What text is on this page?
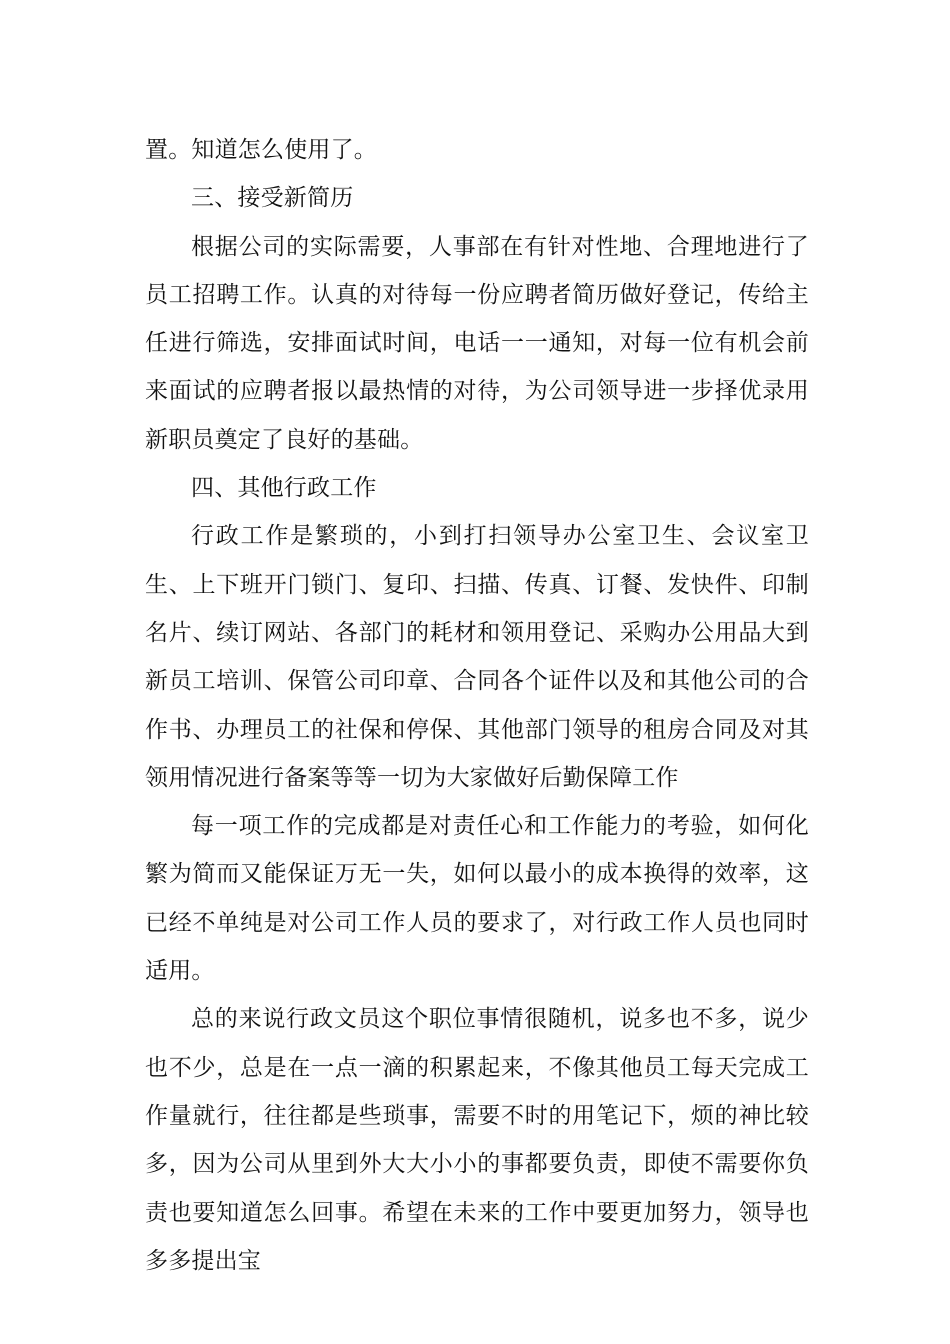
置。知道怎么使用了。

三、接受新简历

根据公司的实际需要，人事部在有针对性地、合理地进行了员工招聘工作。认真的对待每一份应聘者简历做好登记，传给主任进行筛选，安排面试时间，电话一一通知，对每一位有机会前来面试的应聘者报以最热情的对待，为公司领导进一步择优录用新职员奠定了良好的基础。

四、其他行政工作

行政工作是繁琐的，小到打扫领导办公室卫生、会议室卫生、上下班开门锁门、复印、扫描、传真、订餐、发快件、印制名片、续订网站、各部门的耗材和领用登记、采购办公用品大到新员工培训、保管公司印章、合同各个证件以及和其他公司的合作书、办理员工的社保和停保、其他部门领导的租房合同及对其领用情况进行备案等等一切为大家做好后勤保障工作

每一项工作的完成都是对责任心和工作能力的考验，如何化繁为简而又能保证万无一失，如何以最小的成本换得的效率，这已经不单纯是对公司工作人员的要求了，对行政工作人员也同时适用。

总的来说行政文员这个职位事情很随机，说多也不多，说少也不少，总是在一点一滴的积累起来，不像其他员工每天完成工作量就行，往往都是些琐事，需要不时的用笔记下，烦的神比较多，因为公司从里到外大大小小的事都要负责，即使不需要你负责也要知道怎么回事。希望在未来的工作中要更加努力，领导也多多提出宝
